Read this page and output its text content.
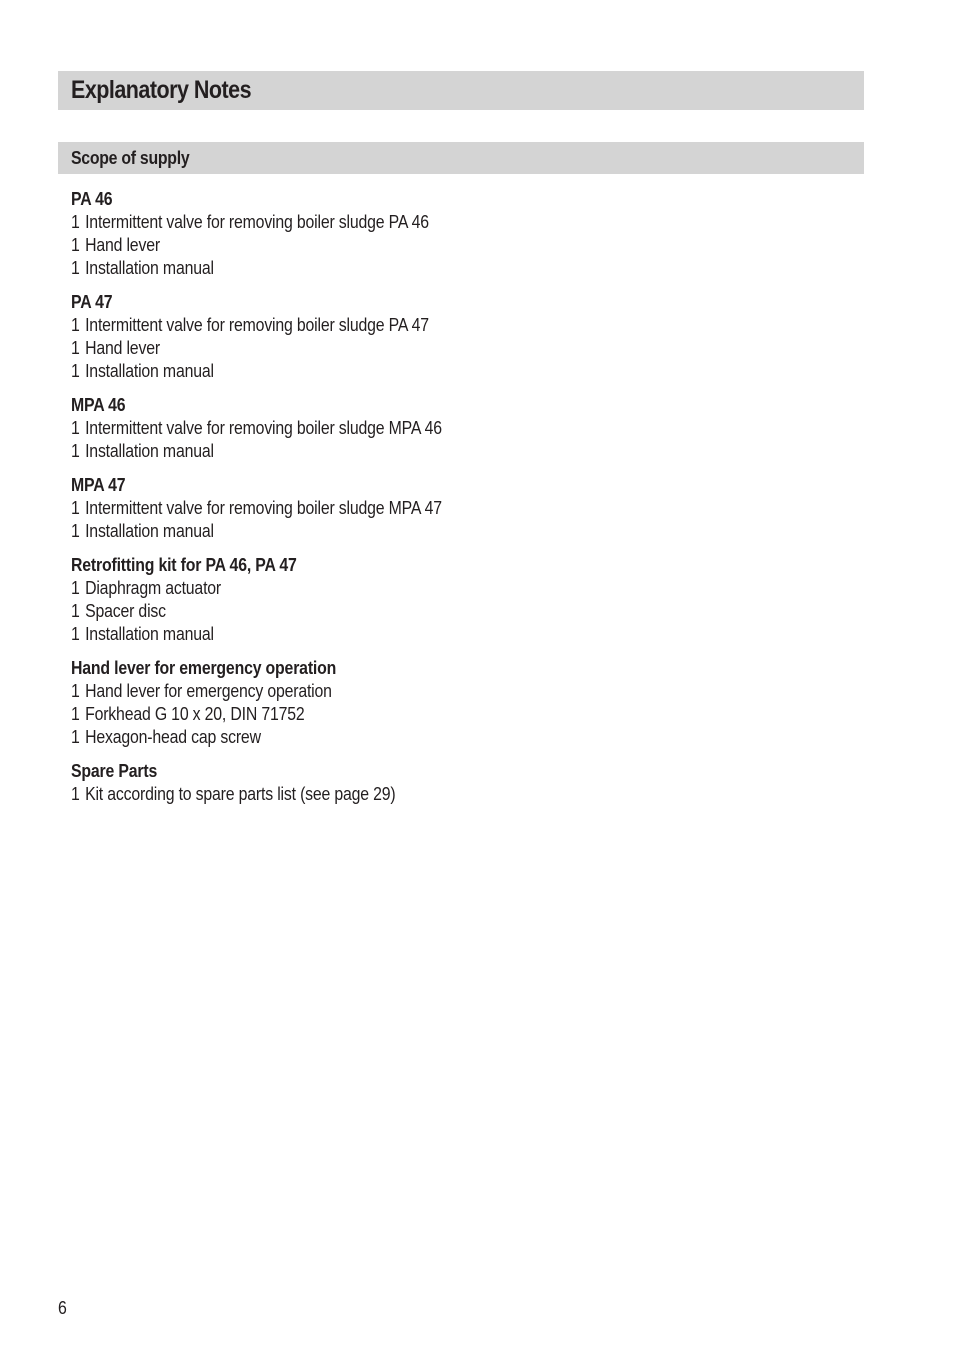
Explanatory Notes
Scope of supply
PA 46
1 Intermittent valve for removing boiler sludge PA 46
1 Hand lever
1 Installation manual
PA 47
1 Intermittent valve for removing boiler sludge PA 47
1 Hand lever
1 Installation manual
MPA 46
1 Intermittent valve for removing boiler sludge MPA 46
1 Installation manual
MPA 47
1 Intermittent valve for removing boiler sludge MPA 47
1 Installation manual
Retrofitting kit for PA 46, PA 47
1 Diaphragm actuator
1 Spacer disc
1 Installation manual
Hand lever for emergency operation
1 Hand lever for emergency operation
1 Forkhead G 10 x 20, DIN 71752
1 Hexagon-head cap screw
Spare Parts
1 Kit according to spare parts list (see page 29)
6
